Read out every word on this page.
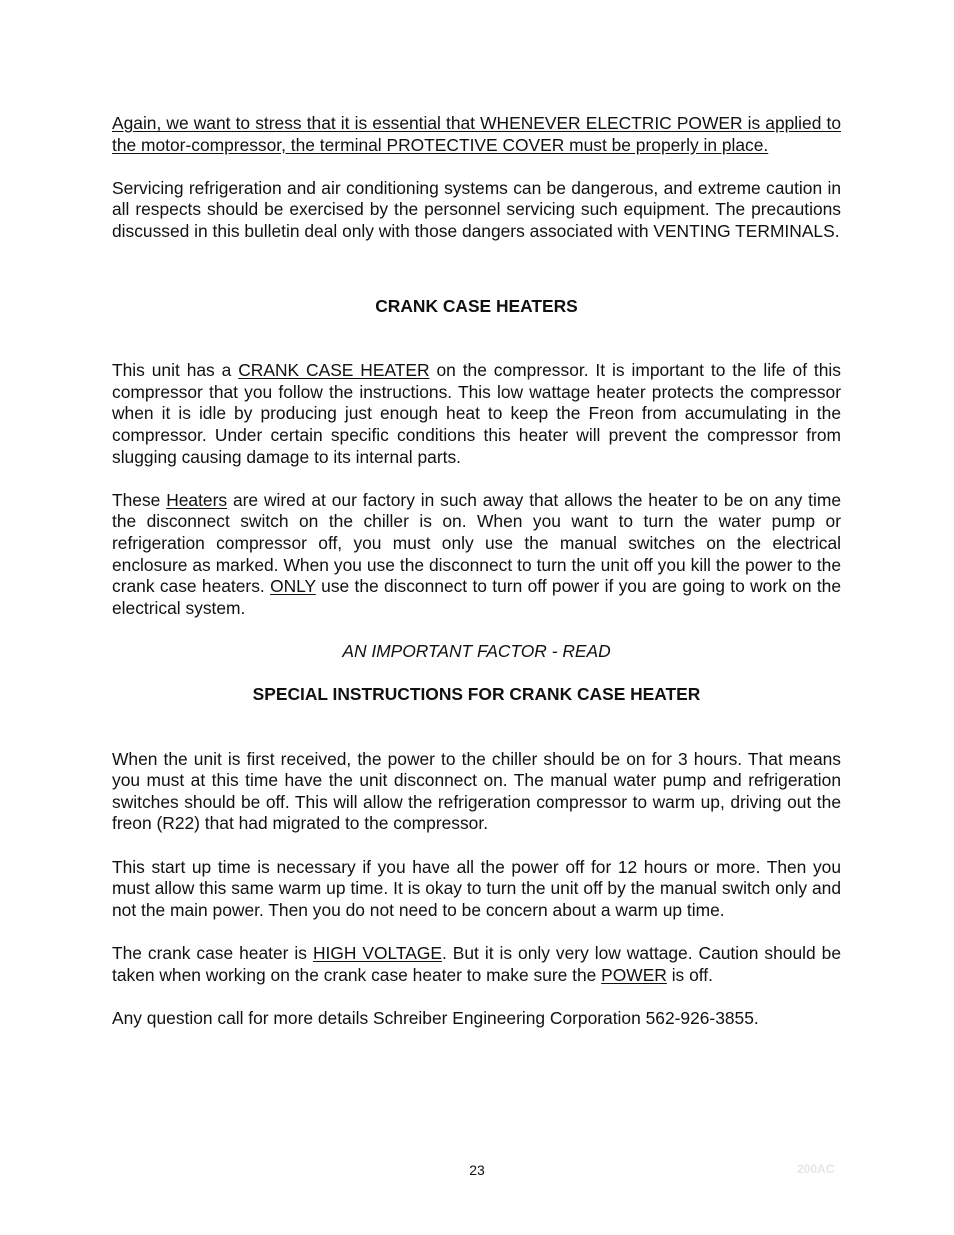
Again, we want to stress that it is essential that WHENEVER ELECTRIC POWER is applied to the motor-compressor, the terminal PROTECTIVE COVER must be properly in place.

Servicing refrigeration and air conditioning systems can be dangerous, and extreme caution in all respects should be exercised by the personnel servicing such equipment. The precautions discussed in this bulletin deal only with those dangers associated with VENTING TERMINALS.

CRANK CASE HEATERS

This unit has a CRANK CASE HEATER on the compressor. It is important to the life of this compressor that you follow the instructions. This low wattage heater protects the compressor when it is idle by producing just enough heat to keep the Freon from accumulating in the compressor. Under certain specific conditions this heater will prevent the compressor from slugging causing damage to its internal parts.

These Heaters are wired at our factory in such away that allows the heater to be on any time the disconnect switch on the chiller is on. When you want to turn the water pump or refrigeration compressor off, you must only use the manual switches on the electrical enclosure as marked. When you use the disconnect to turn the unit off you kill the power to the crank case heaters. ONLY use the disconnect to turn off power if you are going to work on the electrical system.

AN IMPORTANT FACTOR - READ

SPECIAL INSTRUCTIONS FOR CRANK CASE HEATER

When the unit is first received, the power to the chiller should be on for 3 hours. That means you must at this time have the unit disconnect on. The manual water pump and refrigeration switches should be off. This will allow the refrigeration compressor to warm up, driving out the freon (R22) that had migrated to the compressor.

This start up time is necessary if you have all the power off for 12 hours or more. Then you must allow this same warm up time. It is okay to turn the unit off by the manual switch only and not the main power. Then you do not need to be concern about a warm up time.

The crank case heater is HIGH VOLTAGE. But it is only very low wattage. Caution should be taken when working on the crank case heater to make sure the POWER is off.

Any question call for more details Schreiber Engineering Corporation 562-926-3855.

23	200AC
